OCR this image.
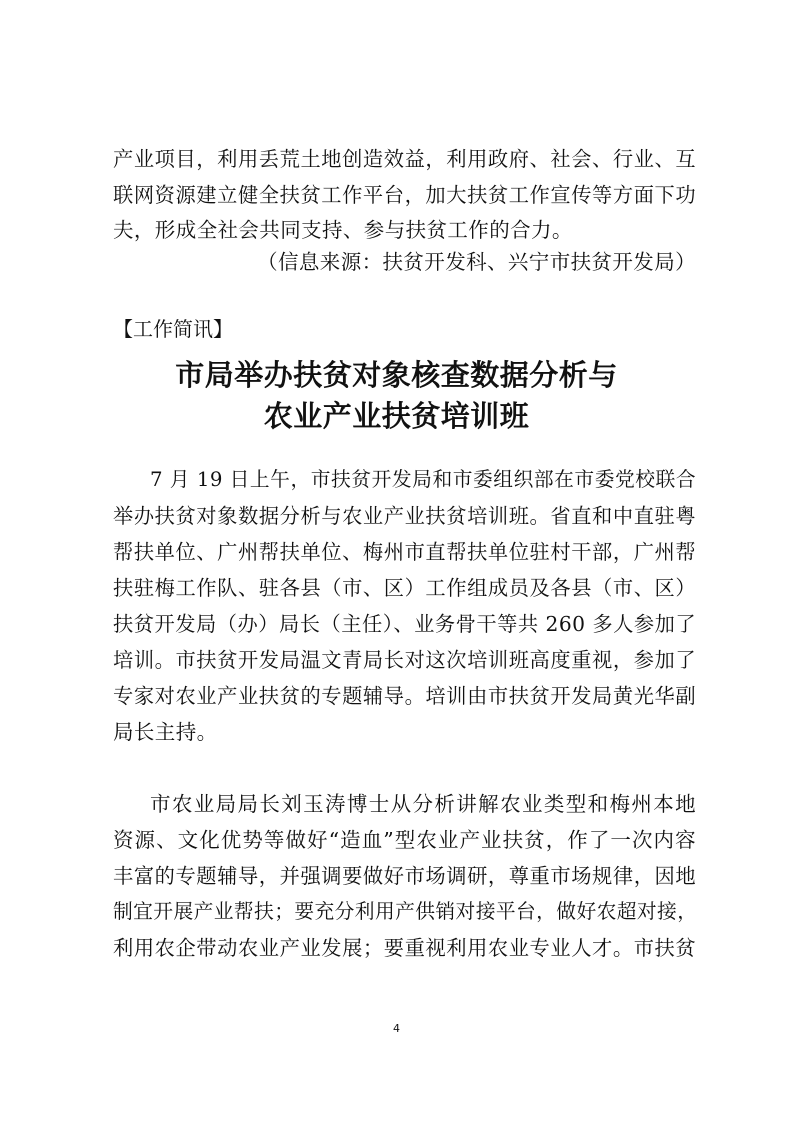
产业项目，利用丢荒土地创造效益，利用政府、社会、行业、互
联网资源建立健全扶贫工作平台，加大扶贫工作宣传等方面下功
夫，形成全社会共同支持、参与扶贫工作的合力。
（信息来源：扶贫开发科、兴宁市扶贫开发局）
【工作简讯】
市局举办扶贫对象核查数据分析与
农业产业扶贫培训班
7 月 19 日上午，市扶贫开发局和市委组织部在市委党校联合
举办扶贫对象数据分析与农业产业扶贫培训班。省直和中直驻粤
帮扶单位、广州帮扶单位、梅州市直帮扶单位驻村干部，广州帮
扶驻梅工作队、驻各县（市、区）工作组成员及各县（市、区）
扶贫开发局（办）局长（主任）、业务骨干等共 260 多人参加了
培训。市扶贫开发局温文青局长对这次培训班高度重视，参加了
专家对农业产业扶贫的专题辅导。培训由市扶贫开发局黄光华副
局长主持。
市农业局局长刘玉涛博士从分析讲解农业类型和梅州本地
资源、文化优势等做好“造血”型农业产业扶贫，作了一次内容
丰富的专题辅导，并强调要做好市场调研，尊重市场规律，因地
制宜开展产业帮扶；要充分利用产供销对接平台，做好农超对接，
利用农企带动农业产业发展；要重视利用农业专业人才。市扶贫
4
